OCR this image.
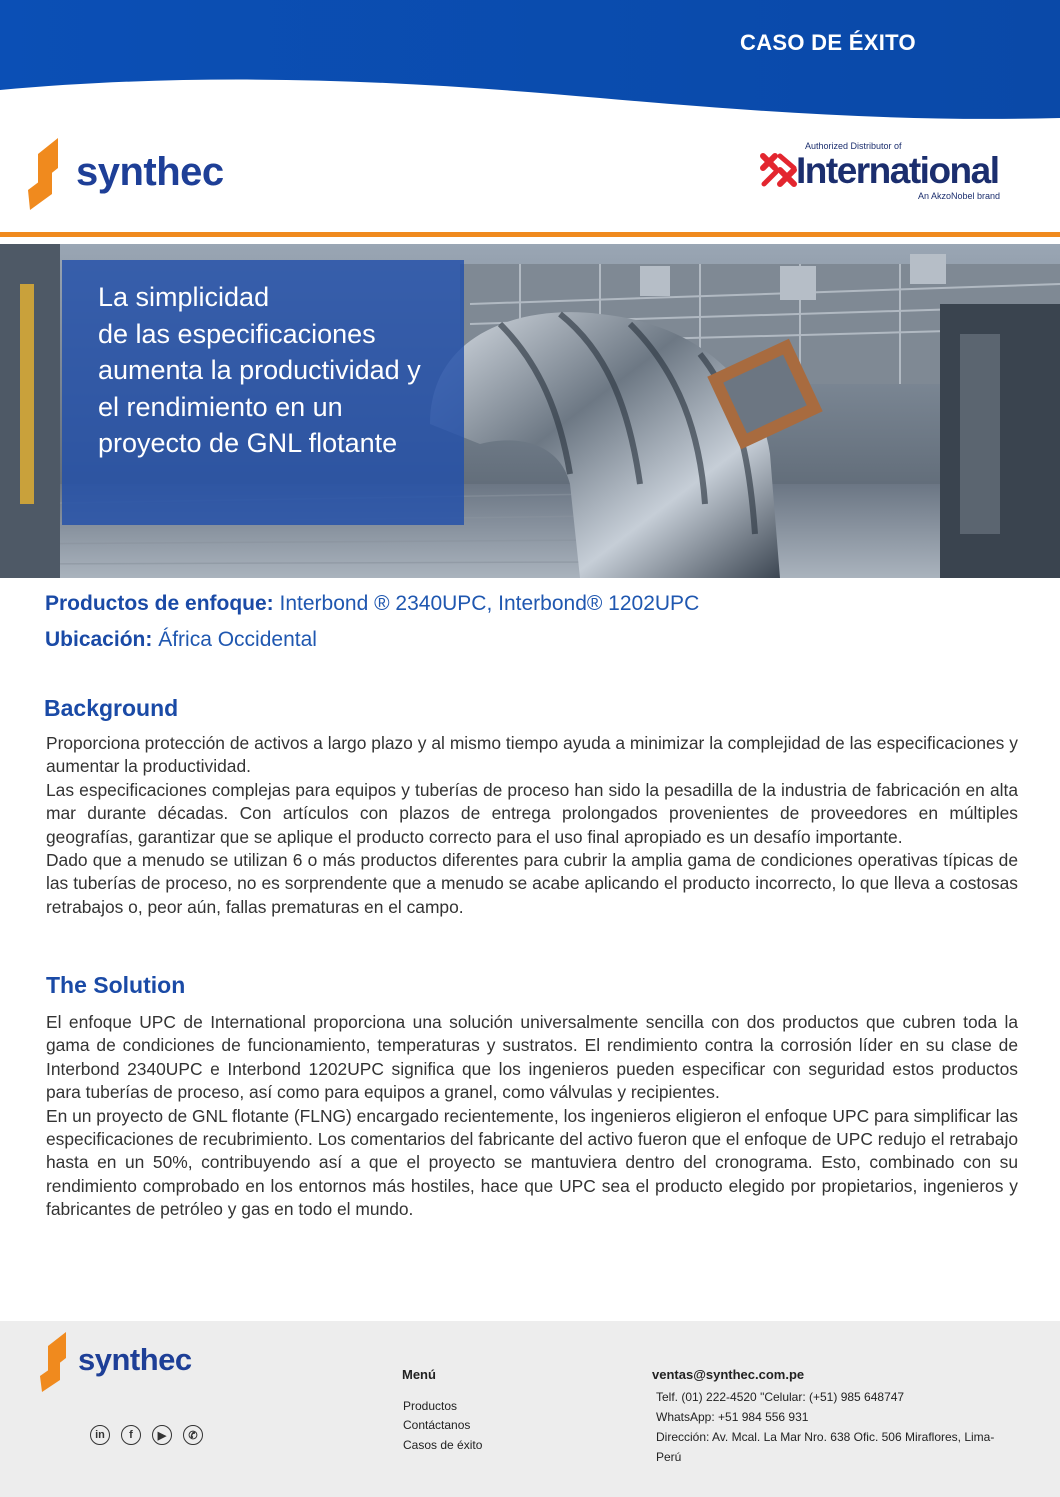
CASO DE ÉXITO
synthec
Authorized Distributor of
International
An AkzoNobel brand
La simplicidad
de las especificaciones
aumenta la productividad y
el rendimiento en un
proyecto de GNL flotante
Productos de enfoque: Interbond ® 2340UPC, Interbond® 1202UPC
Ubicación: África Occidental
Background

Proporciona protección de activos a largo plazo y al mismo tiempo ayuda a minimizar la complejidad de las especificaciones y aumentar la productividad.

Las especificaciones complejas para equipos y tuberías de proceso han sido la pesadilla de la industria de fabricación en alta mar durante décadas. Con artículos con plazos de entrega prolongados provenientes de proveedores en múltiples geografías, garantizar que se aplique el producto correcto para el uso final apropiado es un desafío importante.

Dado que a menudo se utilizan 6 o más productos diferentes para cubrir la amplia gama de condiciones operativas típicas de las tuberías de proceso, no es sorprendente que a menudo se acabe aplicando el producto incorrecto, lo que lleva a costosas retrabajos o, peor aún, fallas prematuras en el campo.

The Solution

El enfoque UPC de International proporciona una solución universalmente sencilla con dos productos que cubren toda la gama de condiciones de funcionamiento, temperaturas y sustratos. El rendimiento contra la corrosión líder en su clase de Interbond 2340UPC e Interbond 1202UPC significa que los ingenieros pueden especificar con seguridad estos productos para tuberías de proceso, así como para equipos a granel, como válvulas y recipientes.

En un proyecto de GNL flotante (FLNG) encargado recientemente, los ingenieros eligieron el enfoque UPC para simplificar las especificaciones de recubrimiento. Los comentarios del fabricante del activo fueron que el enfoque de UPC redujo el retrabajo hasta en un 50%, contribuyendo así a que el proyecto se mantuviera dentro del cronograma. Esto, combinado con su rendimiento comprobado en los entornos más hostiles, hace que UPC sea el producto elegido por propietarios, ingenieros y fabricantes de petróleo y gas en todo el mundo.

synthec
in	f	▶	✆
Menú
Productos
Contáctanos
Casos de éxito
ventas@synthec.com.pe
Telf. (01) 222-4520 "Celular: (+51) 985 648747
WhatsApp: +51 984 556 931
Dirección: Av. Mcal. La Mar Nro. 638 Ofic. 506 Miraflores, Lima-Perú
